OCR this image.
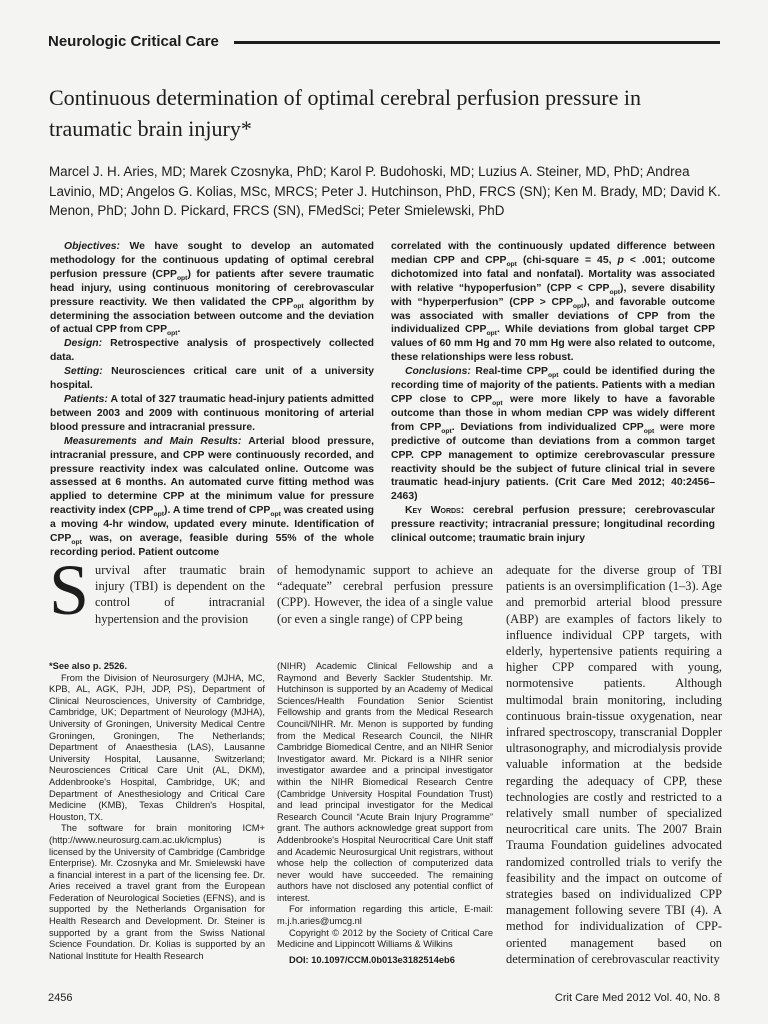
Neurologic Critical Care
Continuous determination of optimal cerebral perfusion pressure in traumatic brain injury*
Marcel J. H. Aries, MD; Marek Czosnyka, PhD; Karol P. Budohoski, MD; Luzius A. Steiner, MD, PhD; Andrea Lavinio, MD; Angelos G. Kolias, MSc, MRCS; Peter J. Hutchinson, PhD, FRCS (SN); Ken M. Brady, MD; David K. Menon, PhD; John D. Pickard, FRCS (SN), FMedSci; Peter Smielewski, PhD

Objectives: We have sought to develop an automated methodology for the continuous updating of optimal cerebral perfusion pressure $(CPP_{opt})$ for patients after severe traumatic head injury, using continuous monitoring of cerebrovascular pressure reactivity. We then validated the $CPP_{opt}$ algorithm by determining the association between outcome and the deviation of actual CPP from $CPP_{opt}$.

Design: Retrospective analysis of prospectively collected data.

Setting: Neurosciences critical care unit of a university hospital.

Patients: A total of 327 traumatic head-injury patients admitted between 2003 and 2009 with continuous monitoring of arterial blood pressure and intracranial pressure.

Measurements and Main Results: Arterial blood pressure, intracranial pressure, and CPP were continuously recorded, and pressure reactivity index was calculated online. Outcome was assessed at 6 months. An automated curve fitting method was applied to determine CPP at the minimum value for pressure reactivity index $(CPP_{opt})$. A time trend of $CPP_{opt}$ was created using a moving 4-hr window, updated every minute. Identification of $CPP_{opt}$ was, on average, feasible during 55% of the whole recording period. Patient outcome

correlated with the continuously updated difference between median CPP and $CPP_{opt}$ (chi-square = 45, p < .001; outcome dichotomized into fatal and nonfatal). Mortality was associated with relative “hypoperfusion” $(CPP < CPP_{opt})$, severe disability with “hyperperfusion” $(CPP > CPP_{opt})$, and favorable outcome was associated with smaller deviations of CPP from the individualized $CPP_{opt}$. While deviations from global target CPP values of 60 mm Hg and 70 mm Hg were also related to outcome, these relationships were less robust.

Conclusions: Real-time $CPP_{opt}$ could be identified during the recording time of majority of the patients. Patients with a median CPP close to $CPP_{opt}$ were more likely to have a favorable outcome than those in whom median CPP was widely different from $CPP_{opt}$. Deviations from individualized $CPP_{opt}$ were more predictive of outcome than deviations from a common target CPP. CPP management to optimize cerebrovascular pressure reactivity should be the subject of future clinical trial in severe traumatic head-injury patients. (Crit Care Med 2012; 40:2456–2463)

Key Words: cerebral perfusion pressure; cerebrovascular pressure reactivity; intracranial pressure; longitudinal recording clinical outcome; traumatic brain injury

Survival after traumatic brain injury (TBI) is dependent on the control of intracranial hypertension and the provision

of hemodynamic support to achieve an “adequate” cerebral perfusion pressure (CPP). However, the idea of a single value (or even a single range) of CPP being

adequate for the diverse group of TBI patients is an oversimplification (1–3). Age and premorbid arterial blood pressure (ABP) are examples of factors likely to influence individual CPP targets, with elderly, hypertensive patients requiring a higher CPP compared with young, normotensive patients. Although multimodal brain monitoring, including continuous brain-tissue oxygenation, near infrared spectroscopy, transcranial Doppler ultrasonography, and microdialysis provide valuable information at the bedside regarding the adequacy of CPP, these technologies are costly and restricted to a relatively small number of specialized neurocritical care units. The 2007 Brain Trauma Foundation guidelines advocated randomized controlled trials to verify the feasibility and the impact on outcome of strategies based on individualized CPP management following severe TBI (4). A method for individualization of CPP-oriented management based on determination of cerebrovascular reactivity

*See also p. 2526.

From the Division of Neurosurgery (MJHA, MC, KPB, AL, AGK, PJH, JDP, PS), Department of Clinical Neurosciences, University of Cambridge, Cambridge, UK; Department of Neurology (MJHA), University of Groningen, University Medical Centre Groningen, Groningen, The Netherlands; Department of Anaesthesia (LAS), Lausanne University Hospital, Lausanne, Switzerland; Neurosciences Critical Care Unit (AL, DKM), Addenbrooke's Hospital, Cambridge, UK; and Department of Anesthesiology and Critical Care Medicine (KMB), Texas Children's Hospital, Houston, TX.

The software for brain monitoring ICM+ (http://www.neurosurg.cam.ac.uk/icmplus) is licensed by the University of Cambridge (Cambridge Enterprise). Mr. Czosnyka and Mr. Smielewski have a financial interest in a part of the licensing fee. Dr. Aries received a travel grant from the European Federation of Neurological Societies (EFNS), and is supported by the Netherlands Organisation for Health Research and Development. Dr. Steiner is supported by a grant from the Swiss National Science Foundation. Dr. Kolias is supported by an National Institute for Health Research

(NIHR) Academic Clinical Fellowship and a Raymond and Beverly Sackler Studentship. Mr. Hutchinson is supported by an Academy of Medical Sciences/Health Foundation Senior Scientist Fellowship and grants from the Medical Research Council/NIHR. Mr. Menon is supported by funding from the Medical Research Council, the NIHR Cambridge Biomedical Centre, and an NIHR Senior Investigator award. Mr. Pickard is a NIHR senior investigator awardee and a principal investigator within the NIHR Biomedical Research Centre (Cambridge University Hospital Foundation Trust) and lead principal investigator for the Medical Research Council “Acute Brain Injury Programme” grant. The authors acknowledge great support from Addenbrooke's Hospital Neurocritical Care Unit staff and Academic Neurosurgical Unit registrars, without whose help the collection of computerized data never would have succeeded. The remaining authors have not disclosed any potential conflict of interest.

For information regarding this article, E-mail: m.j.h.aries@umcg.nl

Copyright © 2012 by the Society of Critical Care Medicine and Lippincott Williams & Wilkins

DOI: 10.1097/CCM.0b013e3182514eb6

2456	Crit Care Med 2012 Vol. 40, No. 8
